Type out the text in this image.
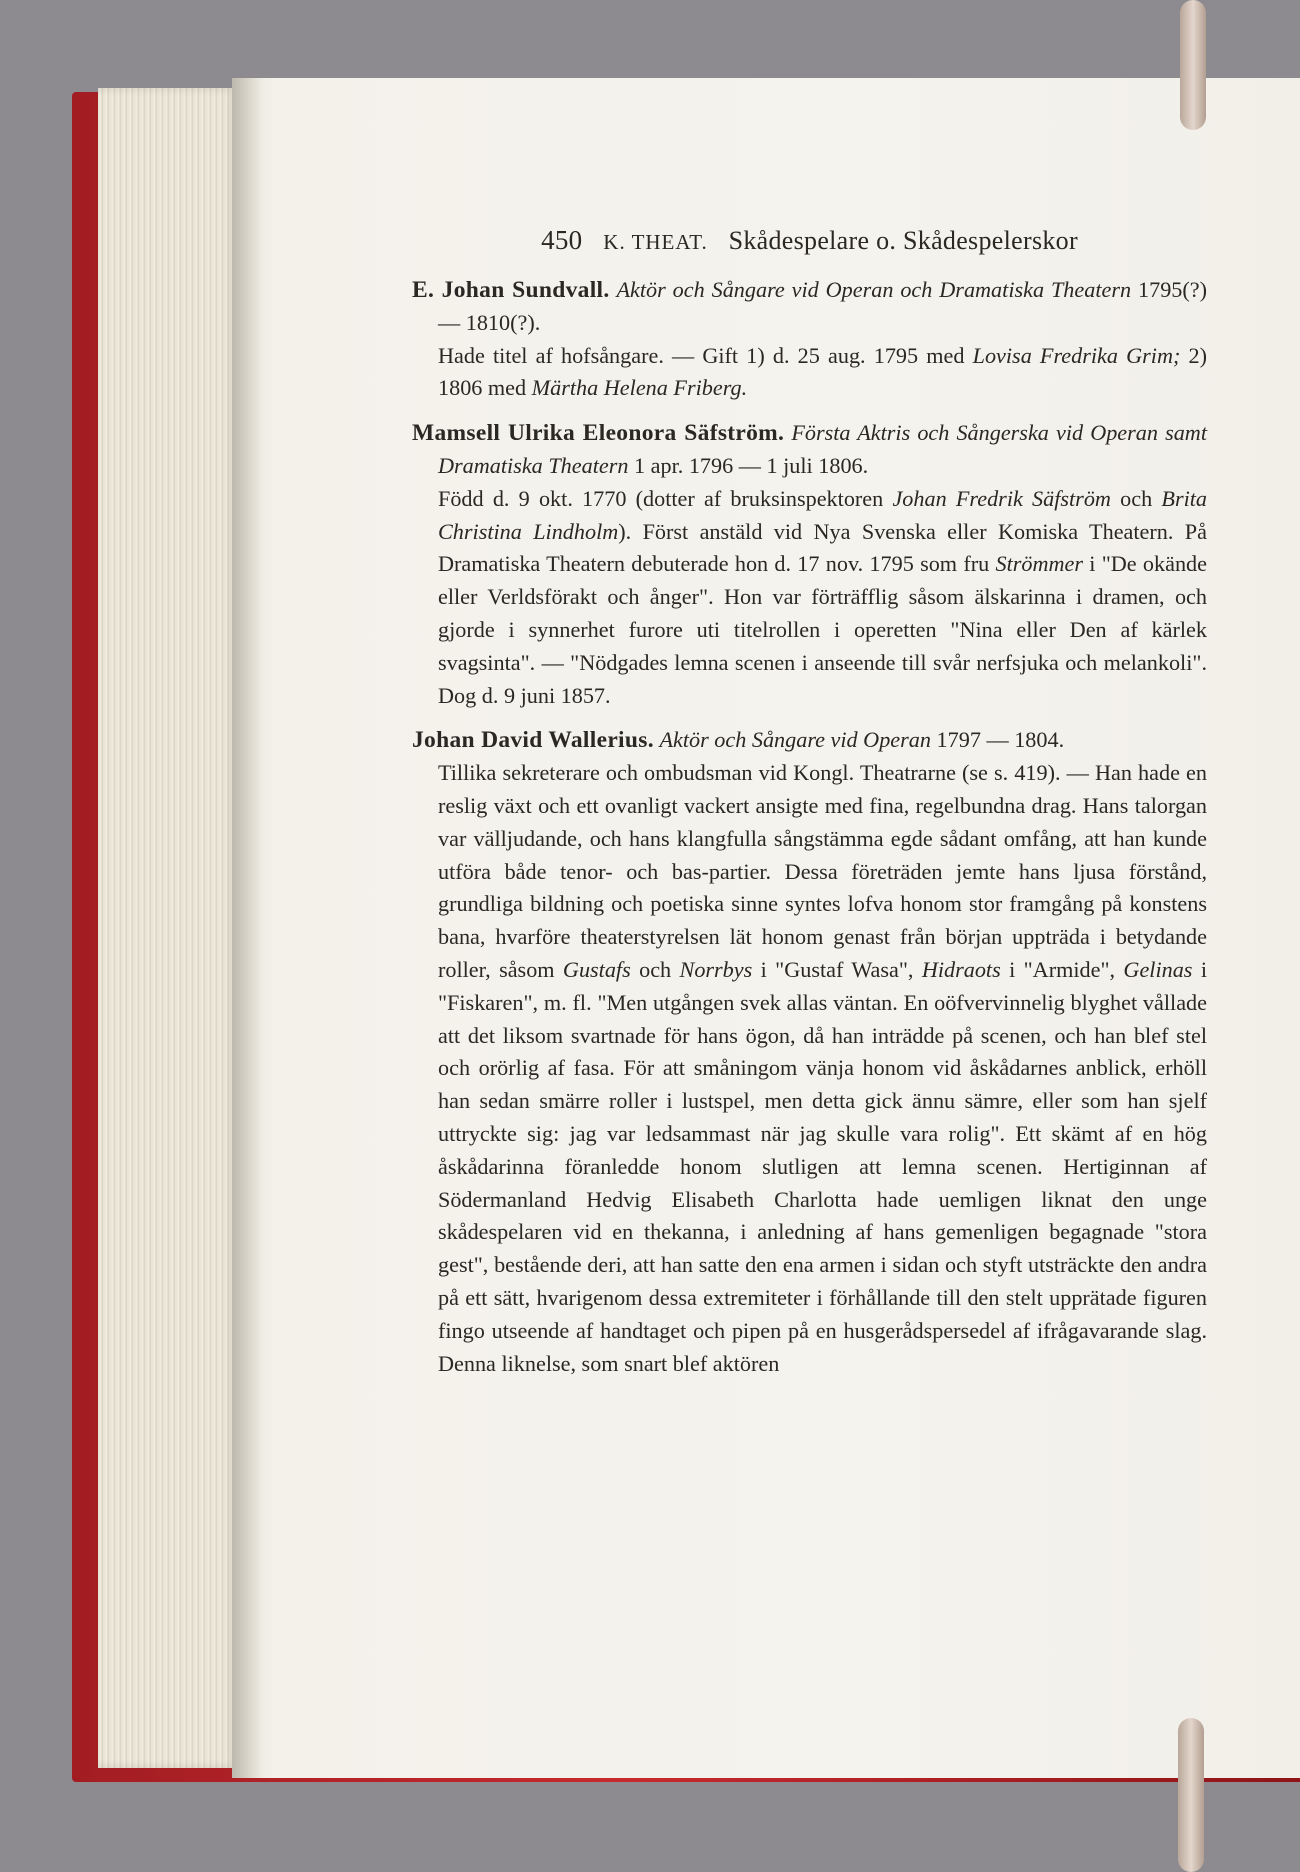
450 K. THEAT. Skådespelare o. Skådespelerskor
E. Johan Sundvall. Aktör och Sångare vid Operan och Dramatiska Theatern 1795(?) — 1810(?).

Hade titel af hofsångare. — Gift 1) d. 25 aug. 1795 med Lovisa Fredrika Grim; 2) 1806 med Märtha Helena Friberg.

Mamsell Ulrika Eleonora Säfström. Första Aktris och Sångerska vid Operan samt Dramatiska Theatern 1 apr. 1796 — 1 juli 1806.

Född d. 9 okt. 1770 (dotter af bruksinspektoren Johan Fredrik Säfström och Brita Christina Lindholm). Först anstäld vid Nya Svenska eller Komiska Theatern. På Dramatiska Theatern debuterade hon d. 17 nov. 1795 som fru Strömmer i "De okände eller Verldsförakt och ånger". Hon var förträfflig såsom älskarinna i dramen, och gjorde i synnerhet furore uti titelrollen i operetten "Nina eller Den af kärlek svagsinta". — "Nödgades lemna scenen i anseende till svår nerfsjuka och melankoli". Dog d. 9 juni 1857.

Johan David Wallerius. Aktör och Sångare vid Operan 1797 — 1804.

Tillika sekreterare och ombudsman vid Kongl. Theatrarne (se s. 419). — Han hade en reslig växt och ett ovanligt vackert ansigte med fina, regelbundna drag. Hans talorgan var välljudande, och hans klangfulla sångstämma egde sådant omfång, att han kunde utföra både tenor- och bas-partier. Dessa företräden jemte hans ljusa förstånd, grundliga bildning och poetiska sinne syntes lofva honom stor framgång på konstens bana, hvarföre theaterstyrelsen lät honom genast från början uppträda i betydande roller, såsom Gustafs och Norrbys i "Gustaf Wasa", Hidraots i "Armide", Gelinas i "Fiskaren", m. fl. "Men utgången svek allas väntan. En oöfvervinnelig blyghet vållade att det liksom svartnade för hans ögon, då han inträdde på scenen, och han blef stel och orörlig af fasa. För att småningom vänja honom vid åskådarnes anblick, erhöll han sedan smärre roller i lustspel, men detta gick ännu sämre, eller som han sjelf uttryckte sig: jag var ledsammast när jag skulle vara rolig". Ett skämt af en hög åskådarinna föranledde honom slutligen att lemna scenen. Hertiginnan af Södermanland Hedvig Elisabeth Charlotta hade uemligen liknat den unge skådespelaren vid en thekanna, i anledning af hans gemenligen begagnade "stora gest", bestående deri, att han satte den ena armen i sidan och styft utsträckte den andra på ett sätt, hvarigenom dessa extremiteter i förhållande till den stelt upprätade figuren fingo utseende af handtaget och pipen på en husgerådspersedel af ifrågavarande slag. Denna liknelse, som snart blef aktören
